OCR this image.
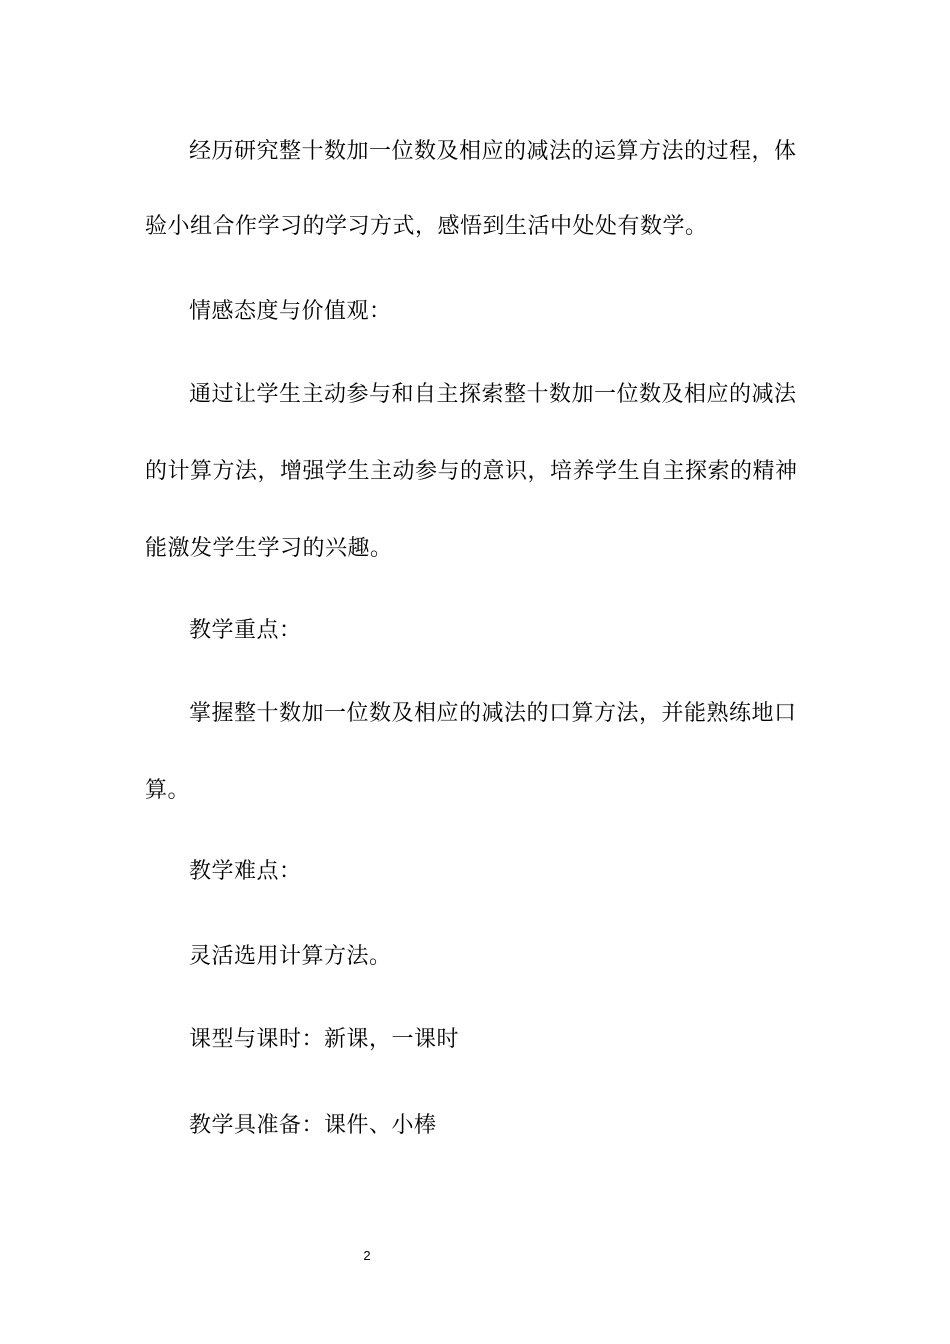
经历研究整十数加一位数及相应的减法的运算方法的过程，体
验小组合作学习的学习方式，感悟到生活中处处有数学。
情感态度与价值观：
通过让学生主动参与和自主探索整十数加一位数及相应的减法
的计算方法，增强学生主动参与的意识，培养学生自主探索的精神
能激发学生学习的兴趣。
教学重点：
掌握整十数加一位数及相应的减法的口算方法，并能熟练地口
算。
教学难点：
灵活选用计算方法。
课型与课时：新课，一课时
教学具准备：课件、小棒
2
